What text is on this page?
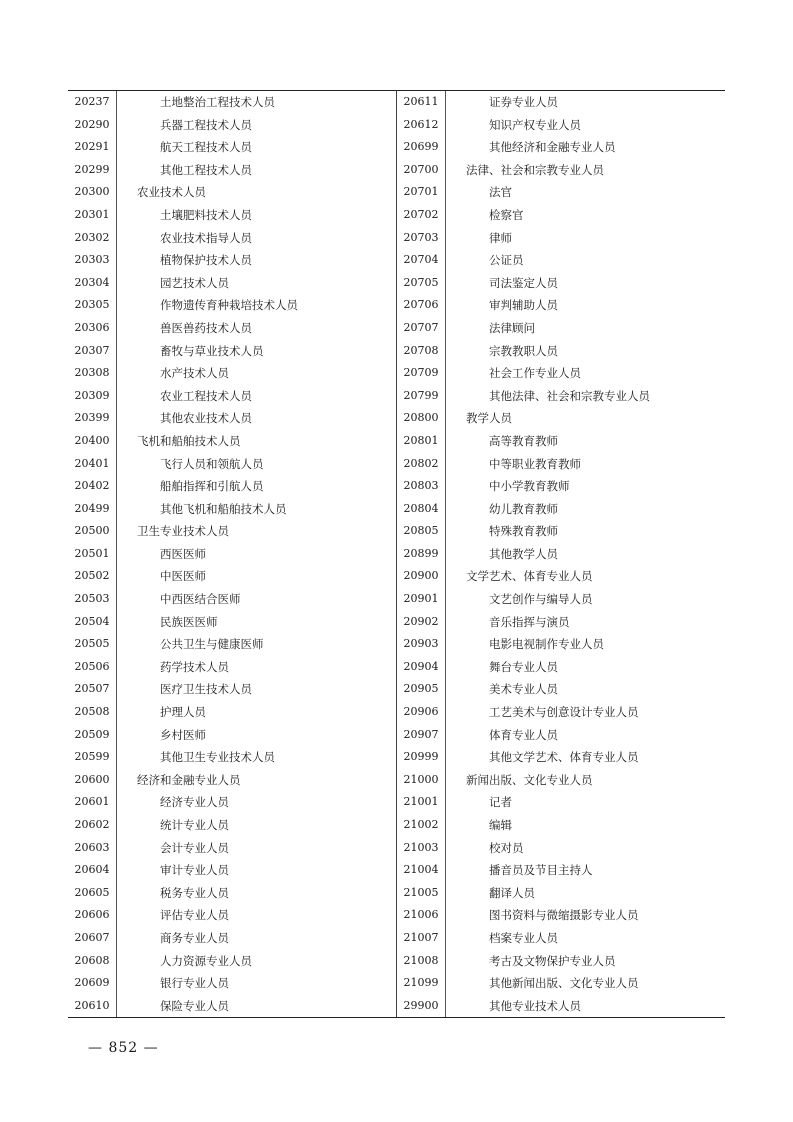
20237	土地整治工程技术人员
20290	兵器工程技术人员
20291	航天工程技术人员
20299	其他工程技术人员
20300	农业技术人员
20301	土壤肥料技术人员
20302	农业技术指导人员
20303	植物保护技术人员
20304	园艺技术人员
20305	作物遗传育种栽培技术人员
20306	兽医兽药技术人员
20307	畜牧与草业技术人员
20308	水产技术人员
20309	农业工程技术人员
20399	其他农业技术人员
20400	飞机和船舶技术人员
20401	飞行人员和领航人员
20402	船舶指挥和引航人员
20499	其他飞机和船舶技术人员
20500	卫生专业技术人员
20501	西医医师
20502	中医医师
20503	中西医结合医师
20504	民族医医师
20505	公共卫生与健康医师
20506	药学技术人员
20507	医疗卫生技术人员
20508	护理人员
20509	乡村医师
20599	其他卫生专业技术人员
20600	经济和金融专业人员
20601	经济专业人员
20602	统计专业人员
20603	会计专业人员
20604	审计专业人员
20605	税务专业人员
20606	评估专业人员
20607	商务专业人员
20608	人力资源专业人员
20609	银行专业人员
20610	保险专业人员
20611	证券专业人员
20612	知识产权专业人员
20699	其他经济和金融专业人员
20700	法律、社会和宗教专业人员
20701	法官
20702	检察官
20703	律师
20704	公证员
20705	司法鉴定人员
20706	审判辅助人员
20707	法律顾问
20708	宗教教职人员
20709	社会工作专业人员
20799	其他法律、社会和宗教专业人员
20800	教学人员
20801	高等教育教师
20802	中等职业教育教师
20803	中小学教育教师
20804	幼儿教育教师
20805	特殊教育教师
20899	其他教学人员
20900	文学艺术、体育专业人员
20901	文艺创作与编导人员
20902	音乐指挥与演员
20903	电影电视制作专业人员
20904	舞台专业人员
20905	美术专业人员
20906	工艺美术与创意设计专业人员
20907	体育专业人员
20999	其他文学艺术、体育专业人员
21000	新闻出版、文化专业人员
21001	记者
21002	编辑
21003	校对员
21004	播音员及节目主持人
21005	翻译人员
21006	图书资料与微缩摄影专业人员
21007	档案专业人员
21008	考古及文物保护专业人员
21099	其他新闻出版、文化专业人员
29900	其他专业技术人员
— 852 —
